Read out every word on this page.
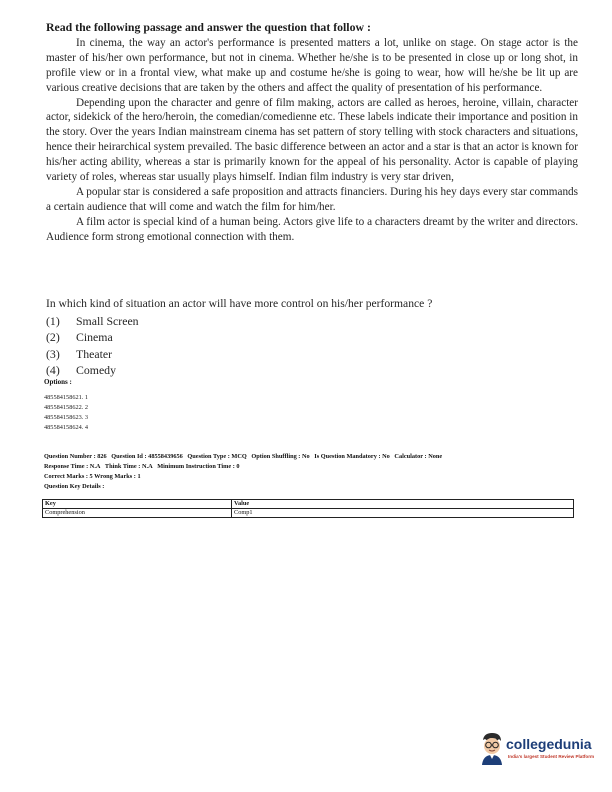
Read the following passage and answer the question that follow :

In cinema, the way an actor's performance is presented matters a lot, unlike on stage. On stage actor is the master of his/her own performance, but not in cinema. Whether he/she is to be presented in close up or long shot, in profile view or in a frontal view, what make up and costume he/she is going to wear, how will he/she be lit up are various creative decisions that are taken by the others and affect the quality of presentation of his performance.

Depending upon the character and genre of film making, actors are called as heroes, heroine, villain, character actor, sidekick of the hero/heroin, the comedian/comedienne etc. These labels indicate their importance and position in the story. Over the years Indian mainstream cinema has set pattern of story telling with stock characters and situations, hence their heirarchical system prevailed. The basic difference between an actor and a star is that an actor is known for his/her acting ability, whereas a star is primarily known for the appeal of his personality. Actor is capable of playing variety of roles, whereas star usually plays himself. Indian film industry is very star driven,

A popular star is considered a safe proposition and attracts financiers. During his hey days every star commands a certain audience that will come and watch the film for him/her.

A film actor is special kind of a human being. Actors give life to a characters dreamt by the writer and directors. Audience form strong emotional connection with them.

In which kind of situation an actor will have more control on his/her performance ?
(1) Small Screen
(2) Cinema
(3) Theater
(4) Comedy
Options :
485584158621. 1
485584158622. 2
485584158623. 3
485584158624. 4
Question Number : 826 Question Id : 48558439656 Question Type : MCQ Option Shuffling : No Is Question Mandatory : No Calculator : None
Response Time : N.A Think Time : N.A Minimum Instruction Time : 0
Correct Marks : 5 Wrong Marks : 1
Question Key Details :
Key	Value
Comprehension	Comp1
collegedunia
India's largest Student Review Platform
